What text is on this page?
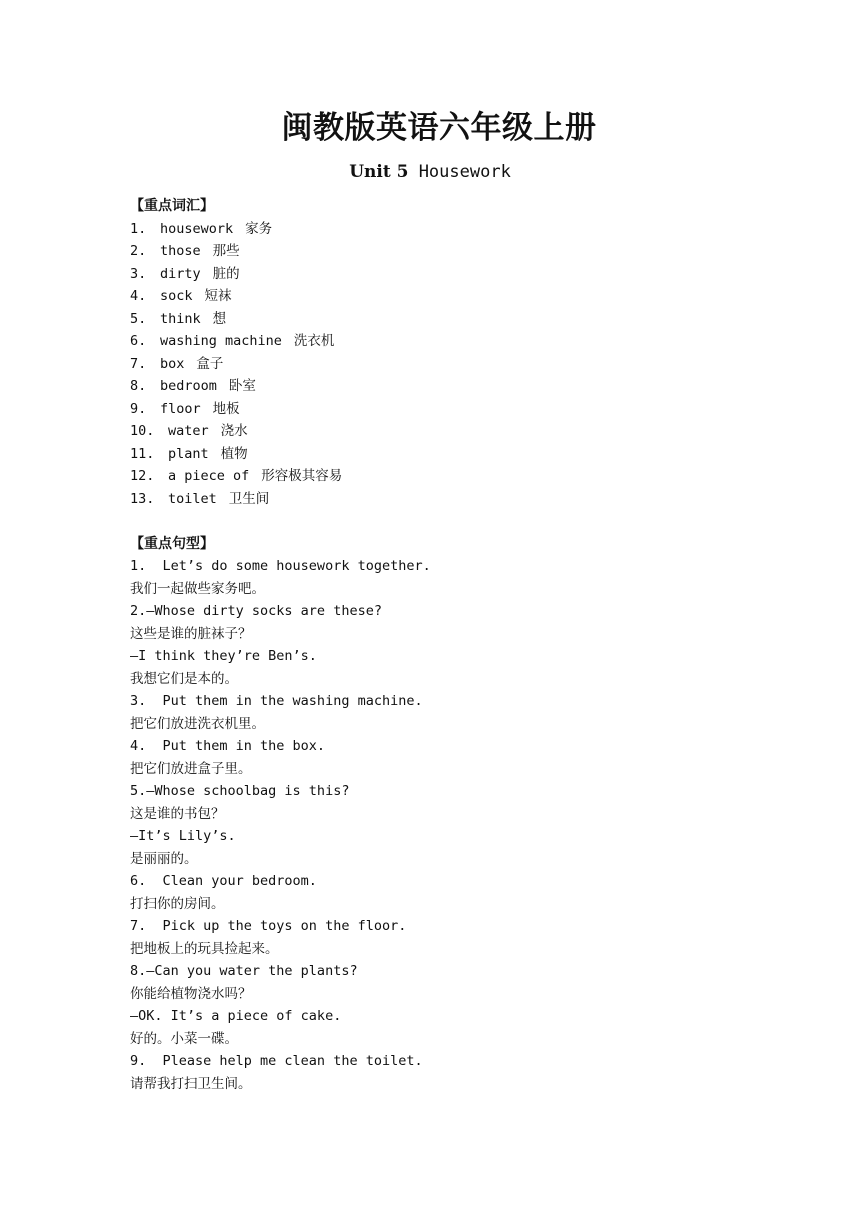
闽教版英语六年级上册
Unit 5 Housework
【重点词汇】
1. housework 家务
2. those 那些
3. dirty 脏的
4. sock 短袜
5. think 想
6. washing machine 洗衣机
7. box 盒子
8. bedroom 卧室
9. floor 地板
10. water 浇水
11. plant 植物
12. a piece of 形容极其容易
13. toilet 卫生间
【重点句型】
1.  Let’s do some housework together.
我们一起做些家务吧。
2.—Whose dirty socks are these?
这些是谁的脏袜子？
—I think they’re Ben’s.
我想它们是本的。
3.  Put them in the washing machine.
把它们放进洗衣机里。
4.  Put them in the box.
把它们放进盒子里。
5.—Whose schoolbag is this?
这是谁的书包？
—It’s Lily’s.
是丽丽的。
6.  Clean your bedroom.
打扫你的房间。
7.  Pick up the toys on the floor.
把地板上的玩具捡起来。
8.—Can you water the plants?
你能给植物浇水吗？
—OK. It’s a piece of cake.
好的。小菜一碟。
9.  Please help me clean the toilet.
请帮我打扫卫生间。
